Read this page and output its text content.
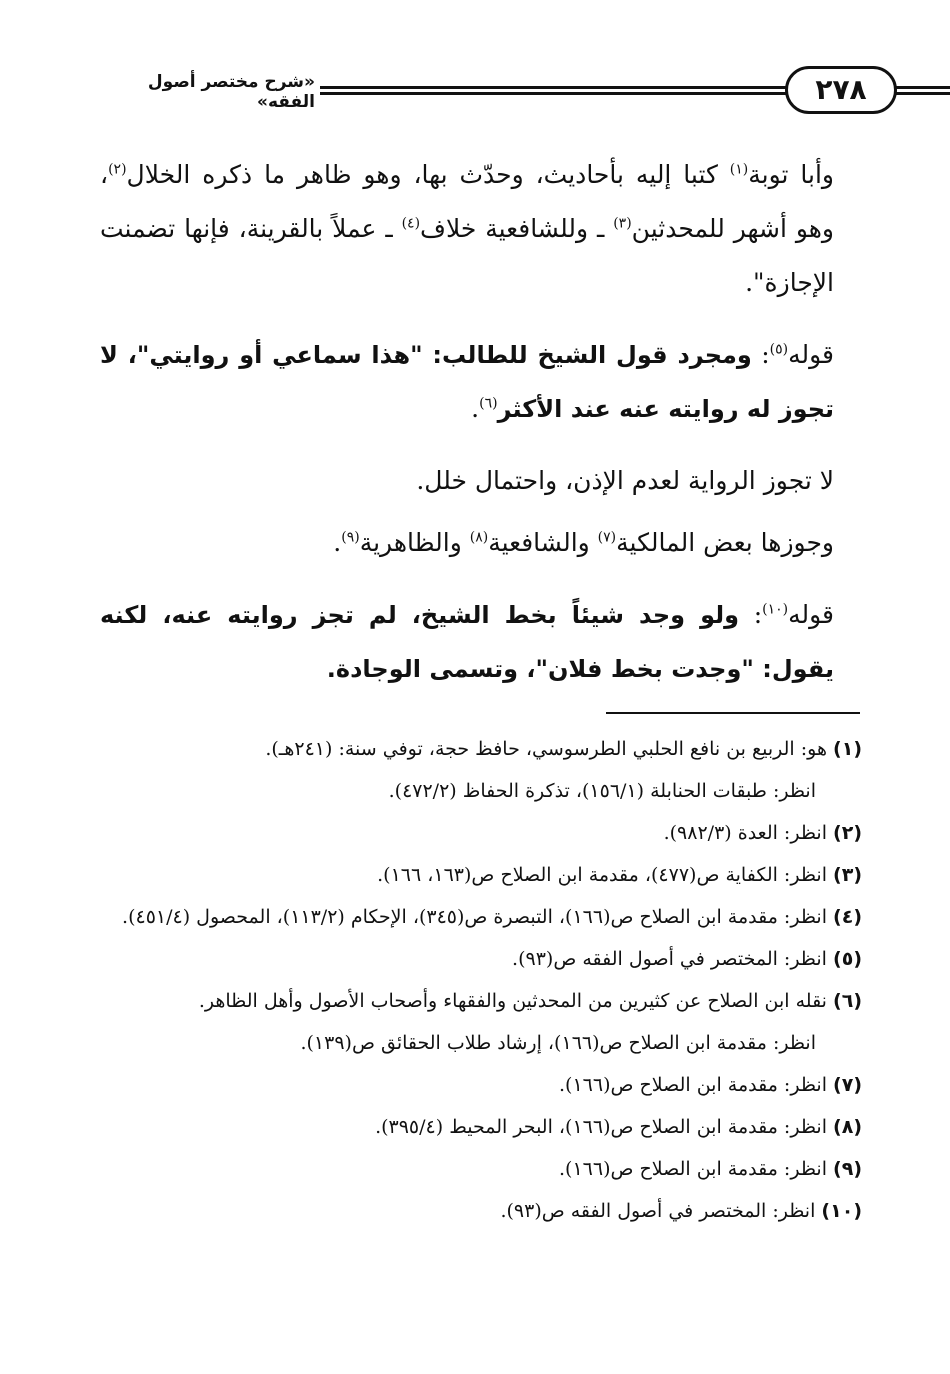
«شرح مختصر أصول الفقه»	٢٧٨

وأبا توبة$^{(١)}$ كتبا إليه بأحاديث، وحدّث بها، وهو ظاهر ما ذكره الخلال$^{(٢)}$، وهو أشهر للمحدثين$^{(٣)}$ ـ وللشافعية خلاف$^{(٤)}$ ـ عملاً بالقرينة، فإنها تضمنت الإجازة".

قوله$^{(٥)}$: ومجرد قول الشيخ للطالب: "هذا سماعي أو روايتي"، لا تجوز له روايته عنه عند الأكثر$^{(٦)}$.

لا تجوز الرواية لعدم الإذن، واحتمال خلل.

وجوزها بعض المالكية$^{(٧)}$ والشافعية$^{(٨)}$ والظاهرية$^{(٩)}$.

قوله$^{(١٠)}$: ولو وجد شيئاً بخط الشيخ، لم تجز روايته عنه، لكنه يقول: "وجدت بخط فلان"، وتسمى الوجادة.

(١) هو: الربيع بن نافع الحلبي الطرسوسي، حافظ حجة، توفي سنة: (٢٤١هـ).

انظر: طبقات الحنابلة (١٥٦/١)، تذكرة الحفاظ (٤٧٢/٢).

(٢) انظر: العدة (٩٨٢/٣).

(٣) انظر: الكفاية ص(٤٧٧)، مقدمة ابن الصلاح ص(١٦٣، ١٦٦).

(٤) انظر: مقدمة ابن الصلاح ص(١٦٦)، التبصرة ص(٣٤٥)، الإحكام (١١٣/٢)، المحصول (٤٥١/٤).

(٥) انظر: المختصر في أصول الفقه ص(٩٣).

(٦) نقله ابن الصلاح عن كثيرين من المحدثين والفقهاء وأصحاب الأصول وأهل الظاهر.

انظر: مقدمة ابن الصلاح ص(١٦٦)، إرشاد طلاب الحقائق ص(١٣٩).

(٧) انظر: مقدمة ابن الصلاح ص(١٦٦).

(٨) انظر: مقدمة ابن الصلاح ص(١٦٦)، البحر المحيط (٣٩٥/٤).

(٩) انظر: مقدمة ابن الصلاح ص(١٦٦).

(١٠) انظر: المختصر في أصول الفقه ص(٩٣).
